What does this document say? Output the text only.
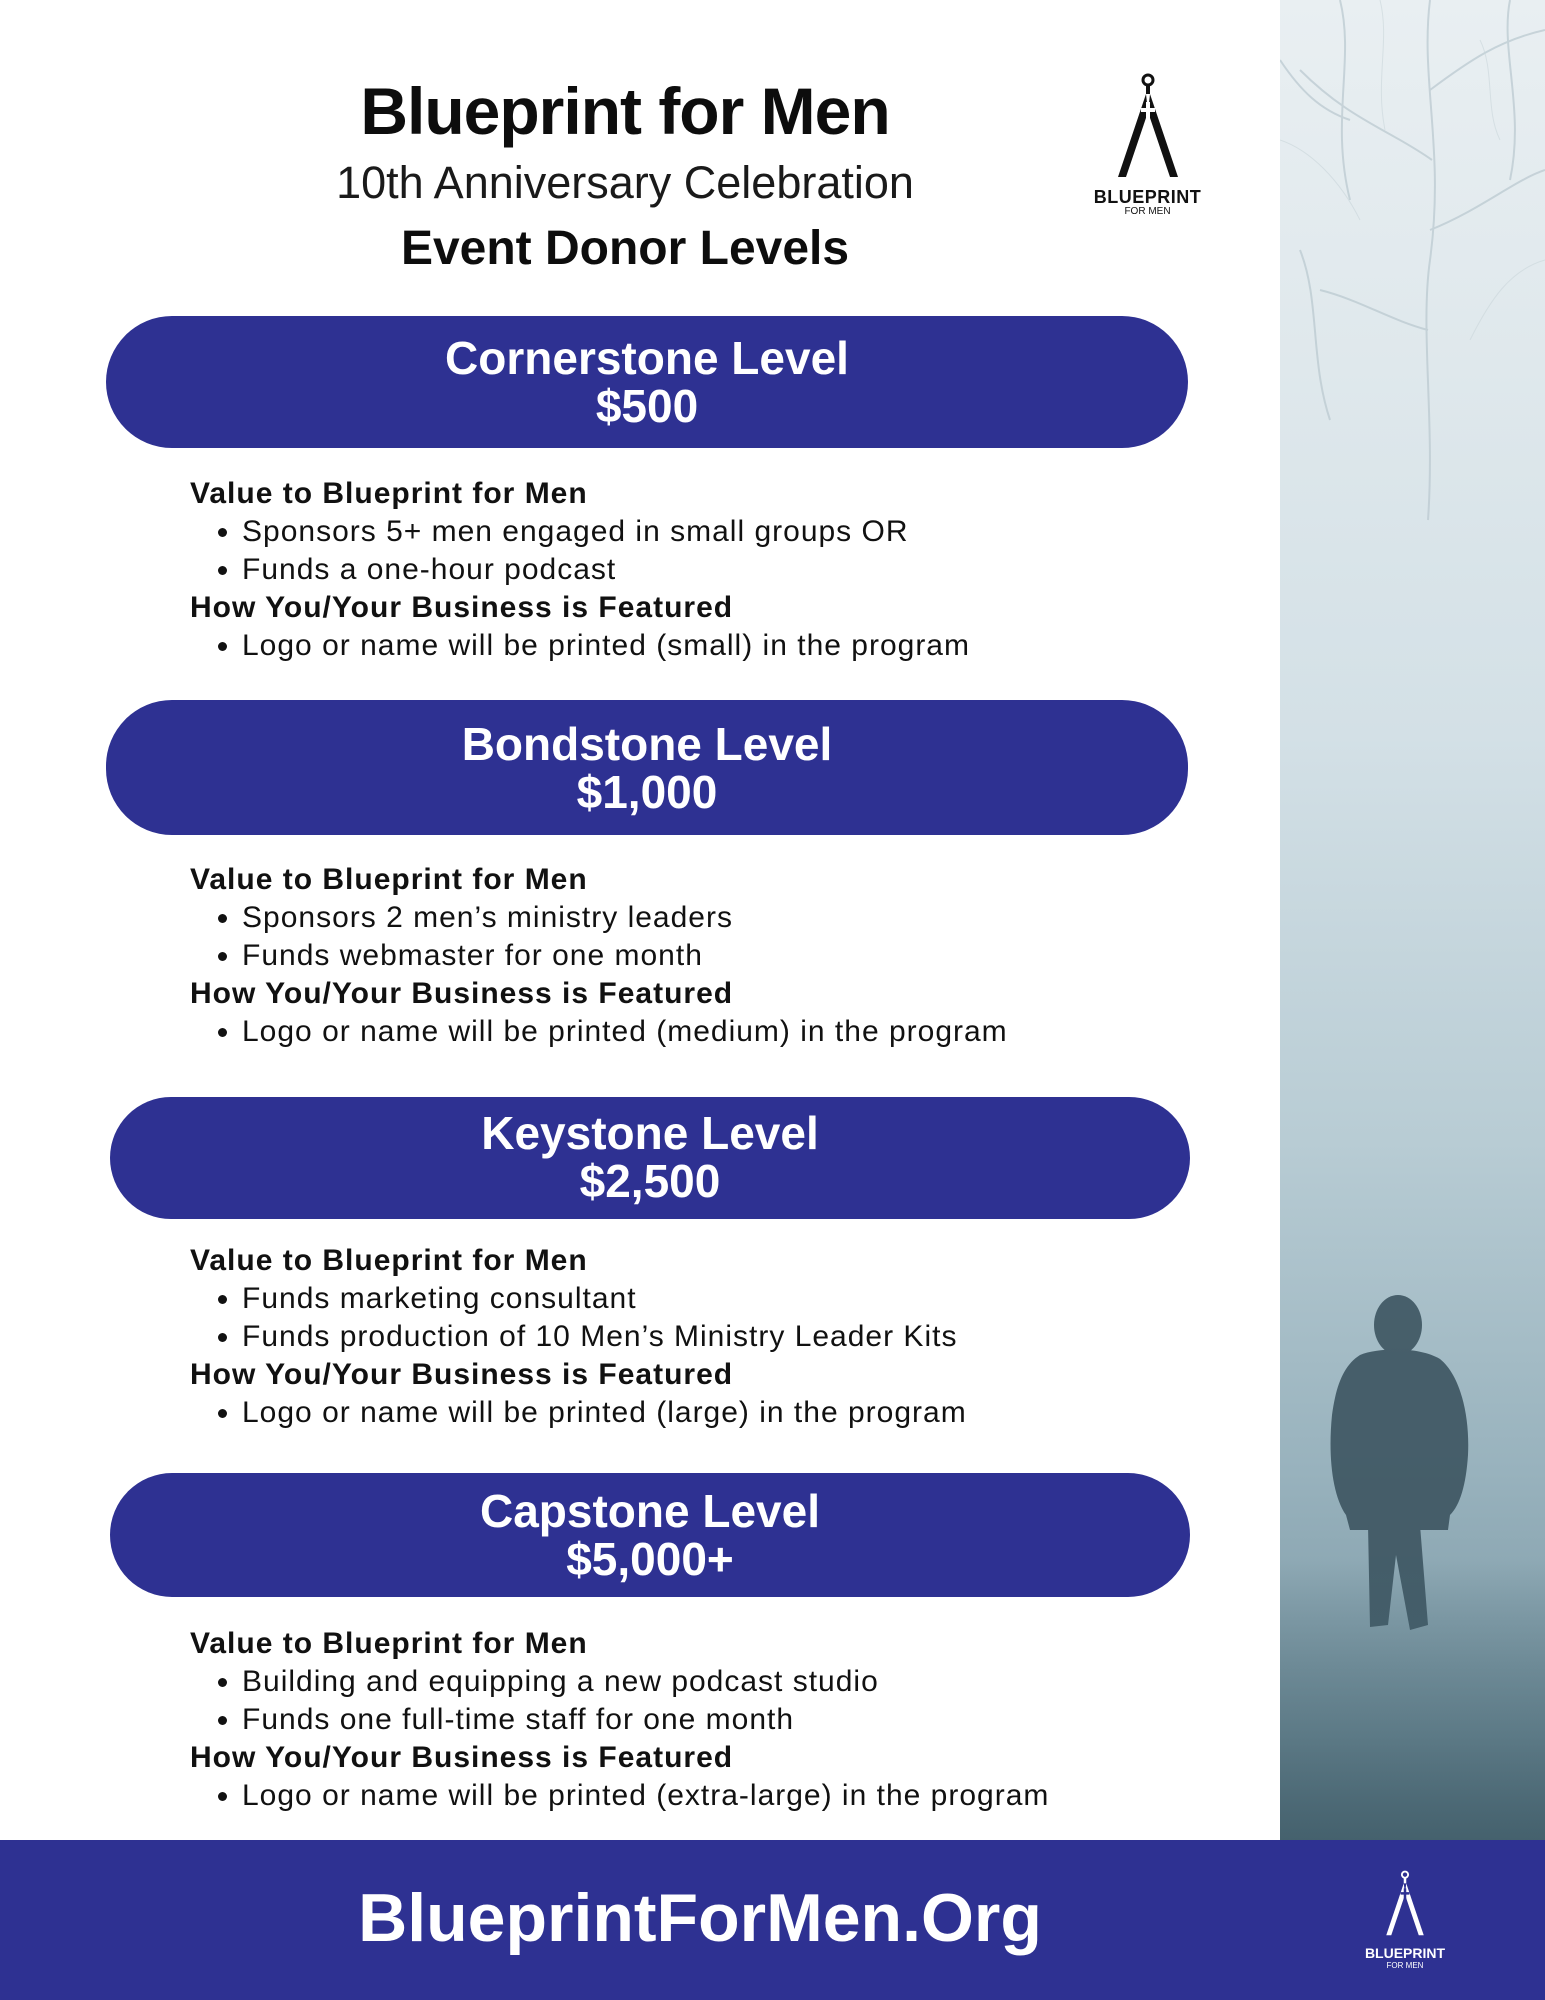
Blueprint for Men

10th Anniversary Celebration

Event Donor Levels

BLUEPRINT
FOR MEN
Cornerstone Level
$500
Value to Blueprint for Men
• Sponsors 5+ men engaged in small groups OR
• Funds a one-hour podcast
How You/Your Business is Featured
• Logo or name will be printed (small) in the program
Bondstone Level
$1,000
Value to Blueprint for Men
• Sponsors 2 men’s ministry leaders
• Funds webmaster for one month
How You/Your Business is Featured
• Logo or name will be printed (medium) in the program
Keystone Level
$2,500
Value to Blueprint for Men
• Funds marketing consultant
• Funds production of 10 Men’s Ministry Leader Kits
How You/Your Business is Featured
• Logo or name will be printed (large) in the program
Capstone Level
$5,000+
Value to Blueprint for Men
• Building and equipping a new podcast studio
• Funds one full-time staff for one month
How You/Your Business is Featured
• Logo or name will be printed (extra-large) in the program
BlueprintForMen.Org	BLUEPRINT
FOR MEN
